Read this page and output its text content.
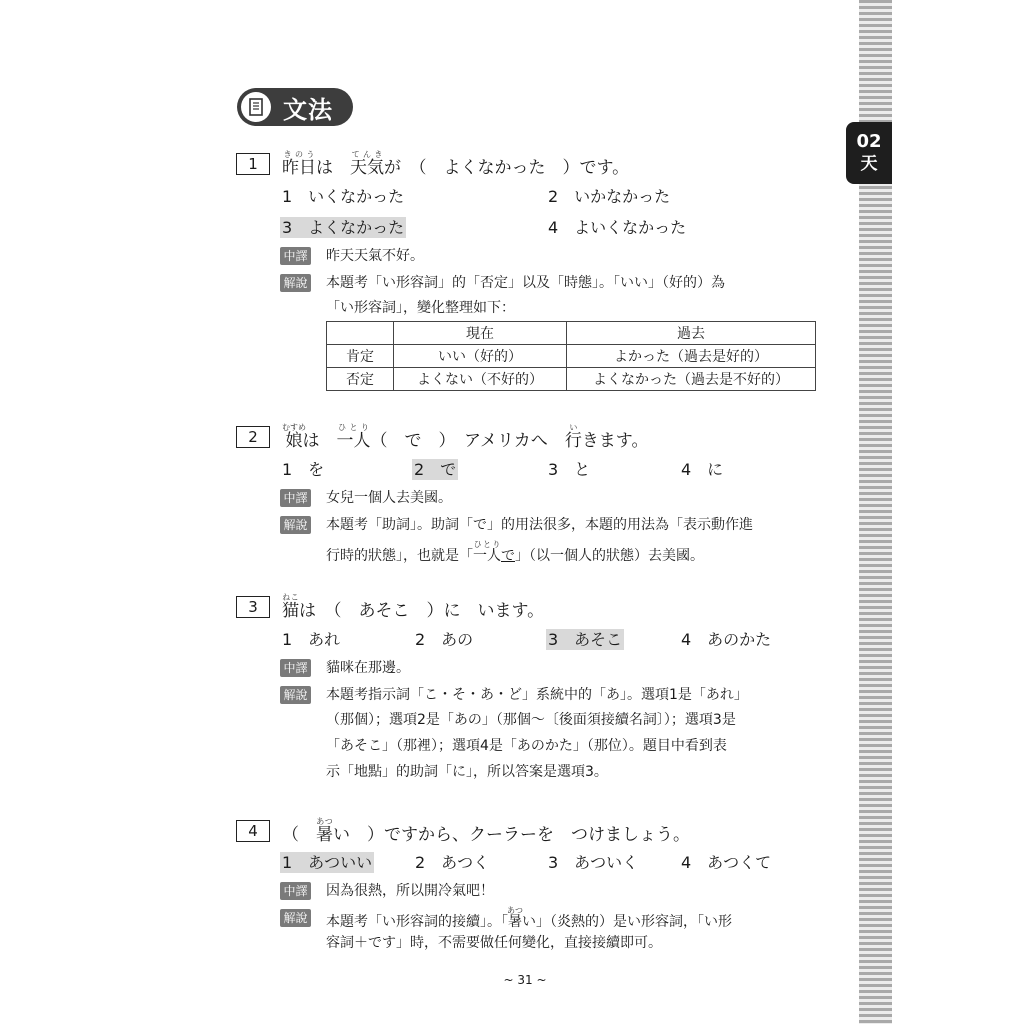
02
天
文法
1	昨日きのうは　天気てんきが　（　よくなかった　）です。
1　いくなかった	2　いかなかった
3　よくなかった	4　よいくなかった
中譯 昨天天氣不好。
解說 本題考「い形容詞」的「否定」以及「時態」。「いい」（好的）為
「い形容詞」，變化整理如下：
	現在	過去
肯定	いい（好的）	よかった（過去是好的）
否定	よくない（不好的）	よくなかった（過去是不好的）
2	娘むすめは　一人ひとり（　で　）　アメリカへ　行いきます。
1　を	2　で	3　と	4　に
中譯 女兒一個人去美國。
解說 本題考「助詞」。助詞「で」的用法很多，本題的用法為「表示動作進
行時的狀態」，也就是「一人ひとりで」（以一個人的狀態）去美國。
3	猫ねこは　（　あそこ　）に　います。
1　あれ	2　あの	3　あそこ	4　あのかた
中譯 貓咪在那邊。
解說 本題考指示詞「こ・そ・あ・ど」系統中的「あ」。選項1是「あれ」
（那個）；選項2是「あの」（那個～〔後面須接續名詞〕）；選項3是
「あそこ」（那裡）；選項4是「あのかた」（那位）。題目中看到表
示「地點」的助詞「に」，所以答案是選項3。
4	（　暑あつい　）ですから、クーラーを　つけましょう。
1　あついい	2　あつく	3　あついく	4　あつくて
中譯 因為很熱，所以開冷氣吧！
解說 本題考「い形容詞的接續」。「暑あつい」（炎熱的）是い形容詞，「い形
容詞＋です」時，不需要做任何變化，直接接續即可。
~ 31 ~
